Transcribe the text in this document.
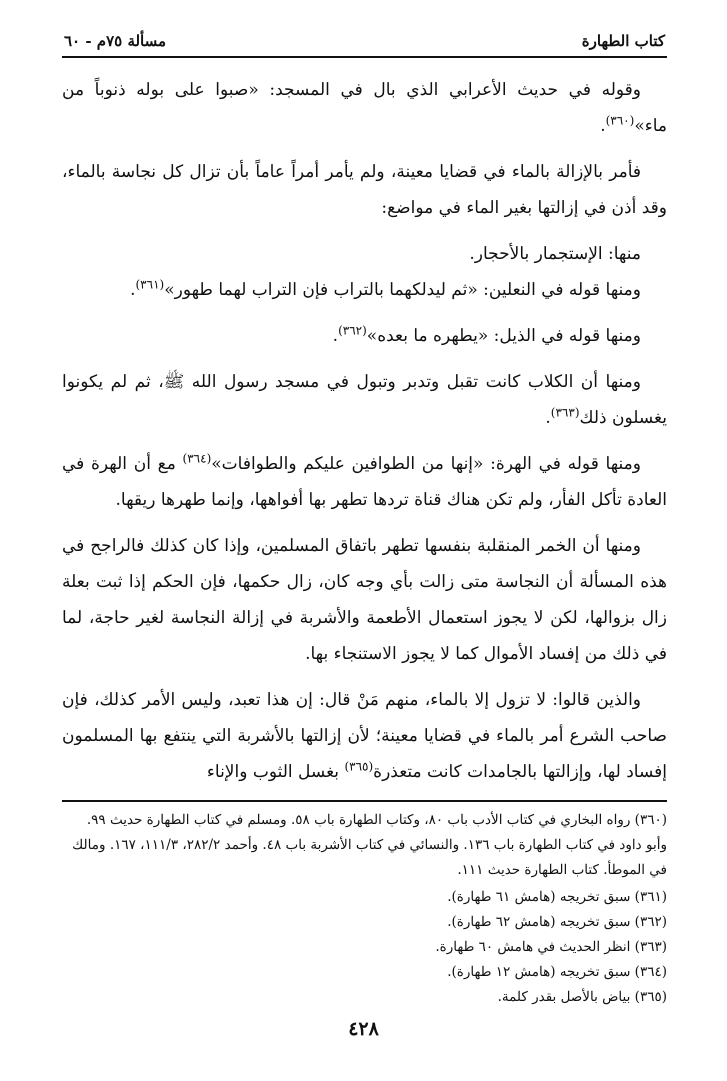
كتاب الطهارة
مسألة ٧٥م - ٦٠

وقوله في حديث الأعرابي الذي بال في المسجد: «صبوا على بوله ذنوباً من ماء»$^{(٣٦٠)}$.

فأمر بالإزالة بالماء في قضايا معينة، ولم يأمر أمراً عاماً بأن تزال كل نجاسة بالماء، وقد أذن في إزالتها بغير الماء في مواضع:

منها: الإستجمار بالأحجار.

ومنها قوله في النعلين: «ثم ليدلكهما بالتراب فإن التراب لهما طهور»$^{(٣٦١)}$.

ومنها قوله في الذيل: «يطهره ما بعده»$^{(٣٦٢)}$.

ومنها أن الكلاب كانت تقبل وتدبر وتبول في مسجد رسول الله ﷺ، ثم لم يكونوا يغسلون ذلك$^{(٣٦٣)}$.

ومنها قوله في الهرة: «إنها من الطوافين عليكم والطوافات»$^{(٣٦٤)}$ مع أن الهرة في العادة تأكل الفأر، ولم تكن هناك قناة تردها تطهر بها أفواهها، وإنما طهرها ريقها.

ومنها أن الخمر المنقلبة بنفسها تطهر باتفاق المسلمين، وإذا كان كذلك فالراجح في هذه المسألة أن النجاسة متى زالت بأي وجه كان، زال حكمها، فإن الحكم إذا ثبت بعلة زال بزوالها، لكن لا يجوز استعمال الأطعمة والأشربة في إزالة النجاسة لغير حاجة، لما في ذلك من إفساد الأموال كما لا يجوز الاستنجاء بها.

والذين قالوا: لا تزول إلا بالماء، منهم مَنْ قال: إن هذا تعبد، وليس الأمر كذلك، فإن صاحب الشرع أمر بالماء في قضايا معينة؛ لأن إزالتها بالأشربة التي ينتفع بها المسلمون إفساد لها، وإزالتها بالجامدات كانت متعذرة$^{(٣٦٥)}$ بغسل الثوب والإناء

(٣٦٠) رواه البخاري في كتاب الأدب باب ٨٠، وكتاب الطهارة باب ٥٨. ومسلم في كتاب الطهارة حديث ٩٩. وأبو داود في كتاب الطهارة باب ١٣٦. والنسائي في كتاب الأشربة باب ٤٨. وأحمد ٢٨٢/٢، ١١١/٣، ١٦٧. ومالك في الموطأ. كتاب الطهارة حديث ١١١.

(٣٦١) سبق تخريجه (هامش ٦١ طهارة).

(٣٦٢) سبق تخريجه (هامش ٦٢ طهارة).

(٣٦٣) انظر الحديث في هامش ٦٠ طهارة.

(٣٦٤) سبق تخريجه (هامش ١٢ طهارة).

(٣٦٥) بياض بالأصل بقدر كلمة.

٤٢٨
